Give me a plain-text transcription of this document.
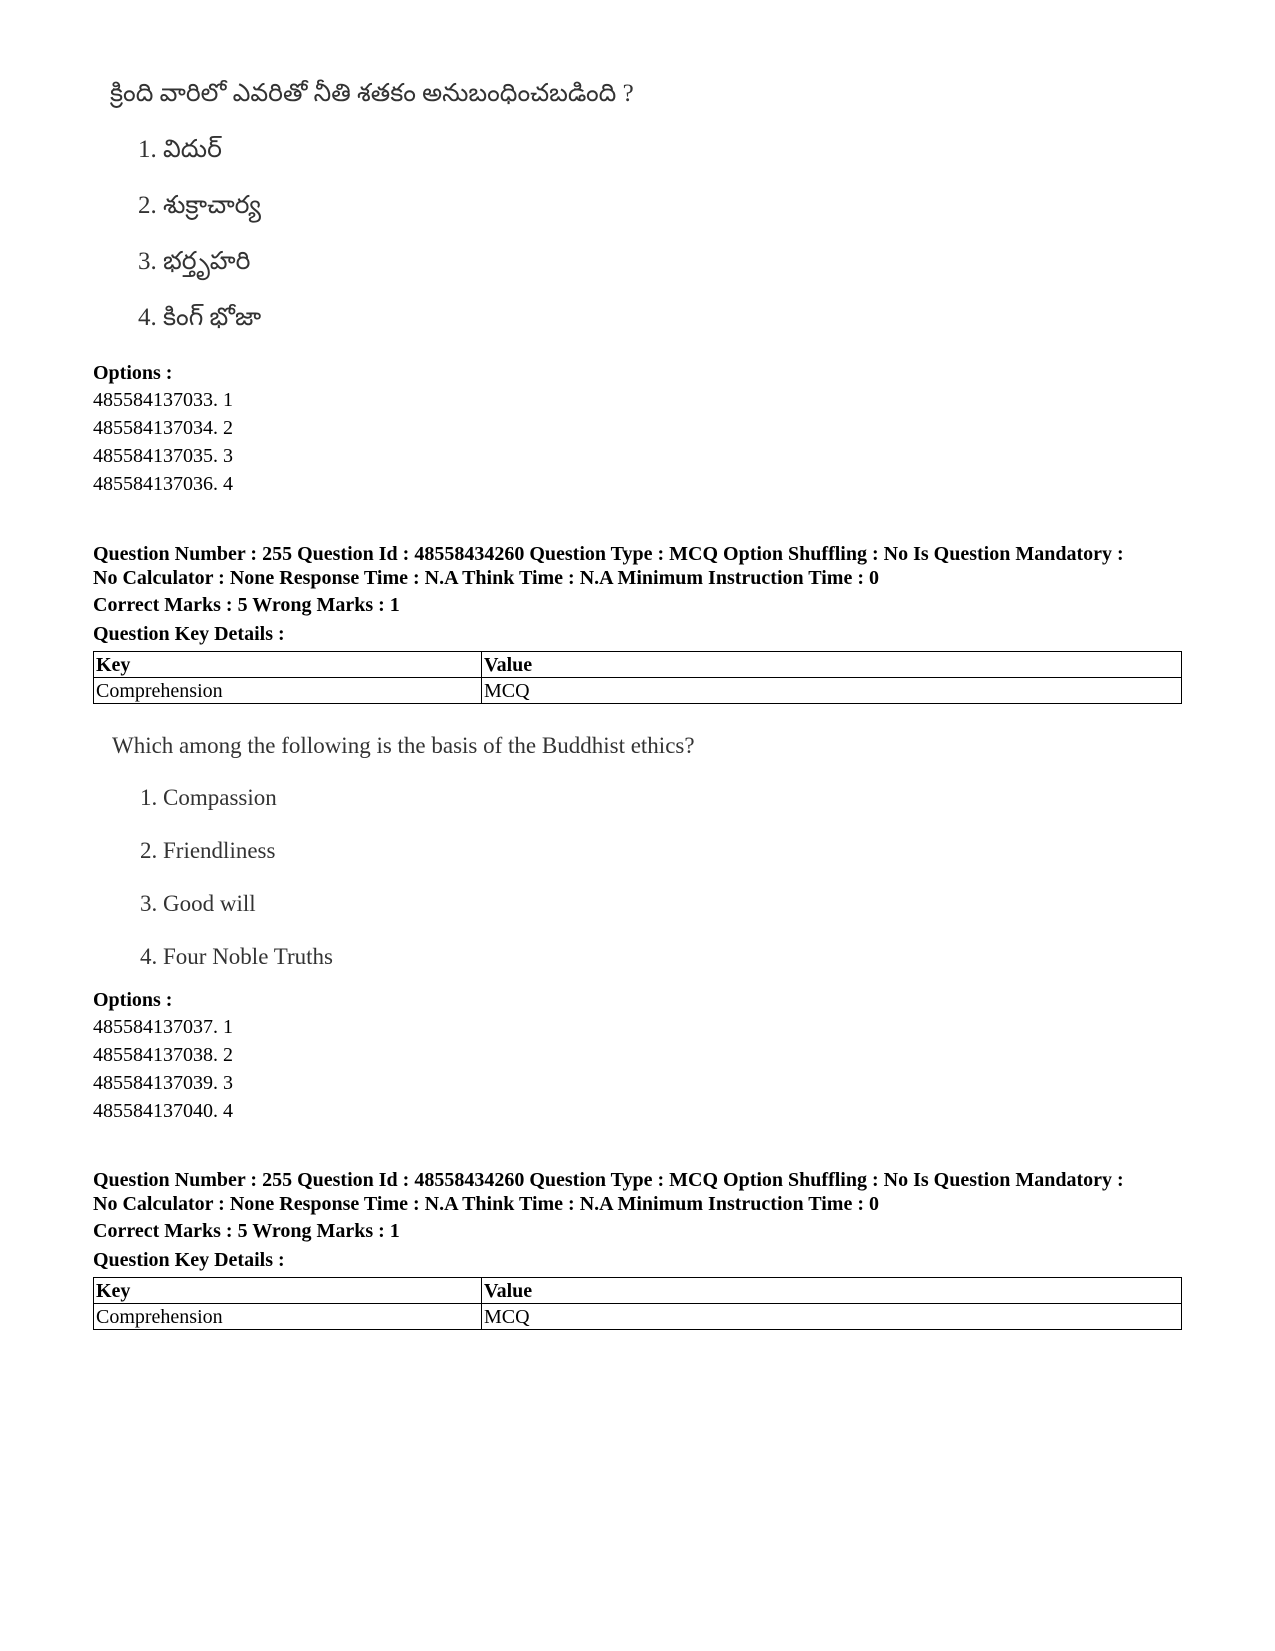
క్రింది వారిలో ఎవరితో నీతి శతకం అనుబంధించబడింది ?
1. విదుర్
2. శుక్రాచార్య
3. భర్తృహరి
4. కింగ్ భోజా
Options :
485584137033. 1
485584137034. 2
485584137035. 3
485584137036. 4
Question Number : 255 Question Id : 48558434260 Question Type : MCQ Option Shuffling : No Is Question Mandatory :
No Calculator : None Response Time : N.A Think Time : N.A Minimum Instruction Time : 0
Correct Marks : 5 Wrong Marks : 1
Question Key Details :
Key	Value
Comprehension	MCQ
Which among the following is the basis of the Buddhist ethics?
1. Compassion
2. Friendliness
3. Good will
4. Four Noble Truths
Options :
485584137037. 1
485584137038. 2
485584137039. 3
485584137040. 4
Question Number : 255 Question Id : 48558434260 Question Type : MCQ Option Shuffling : No Is Question Mandatory :
No Calculator : None Response Time : N.A Think Time : N.A Minimum Instruction Time : 0
Correct Marks : 5 Wrong Marks : 1
Question Key Details :
Key	Value
Comprehension	MCQ
